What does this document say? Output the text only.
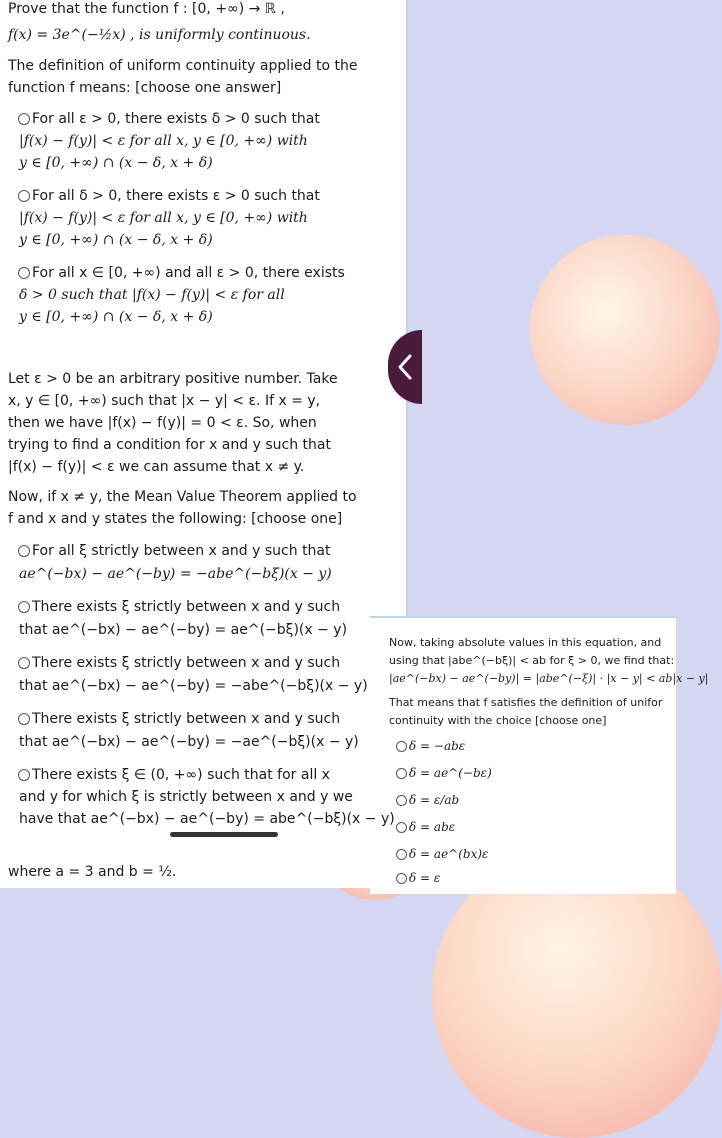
Prove that the function f : [0, +∞) → ℝ ,
f(x) = 3e^(−½x) , is uniformly continuous.
The definition of uniform continuity applied to the
function f means: [choose one answer]
For all ε > 0, there exists δ > 0 such that
|f(x) − f(y)| < ε for all x, y ∈ [0, +∞) with
y ∈ [0, +∞) ∩ (x − δ, x + δ)
For all δ > 0, there exists ε > 0 such that
|f(x) − f(y)| < ε for all x, y ∈ [0, +∞) with
y ∈ [0, +∞) ∩ (x − δ, x + δ)
For all x ∈ [0, +∞) and all ε > 0, there exists
δ > 0 such that |f(x) − f(y)| < ε for all
y ∈ [0, +∞) ∩ (x − δ, x + δ)
Let ε > 0 be an arbitrary positive number. Take
x, y ∈ [0, +∞) such that |x − y| < ε. If x = y,
then we have |f(x) − f(y)| = 0 < ε. So, when
trying to find a condition for x and y such that
|f(x) − f(y)| < ε we can assume that x ≠ y.
Now, if x ≠ y, the Mean Value Theorem applied to
f and x and y states the following: [choose one]
For all ξ strictly between x and y such that
ae^(−bx) − ae^(−by) = −abe^(−bξ)(x − y)
There exists ξ strictly between x and y such
that ae^(−bx) − ae^(−by) = ae^(−bξ)(x − y)
There exists ξ strictly between x and y such
that ae^(−bx) − ae^(−by) = −abe^(−bξ)(x − y)
There exists ξ strictly between x and y such
that ae^(−bx) − ae^(−by) = −ae^(−bξ)(x − y)
There exists ξ ∈ (0, +∞) such that for all x
and y for which ξ is strictly between x and y we
have that ae^(−bx) − ae^(−by) = abe^(−bξ)(x − y)
where a = 3 and b = ½.
Now, taking absolute values in this equation, and
using that |abe^(−bξ)| < ab for ξ > 0, we find that:
|ae^(−bx) − ae^(−by)| = |abe^(−ξ)| · |x − y| < ab|x − y|
That means that f satisfies the definition of unifor
continuity with the choice [choose one]
δ = −abε
δ = ae^(−bε)
δ = ε/ab
δ = abε
δ = ae^(bx)ε
δ = ε
